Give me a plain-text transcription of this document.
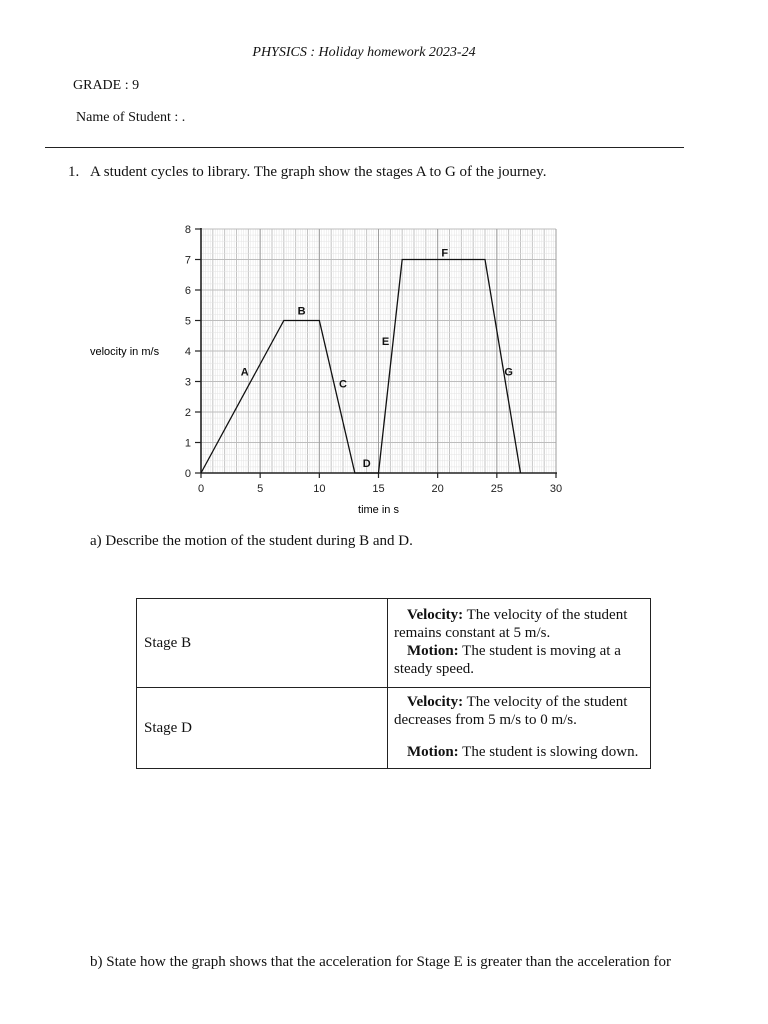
PHYSICS : Holiday homework 2023-24
GRADE : 9
Name of Student : .
1. A student cycles to library. The graph show the stages A to G of the journey.
0	5	10	15	20	25	30
0
1
2
3
4
5
6
7
8
A
B
C
D
E
F
G
time in s
velocity in m/s
a) Describe the motion of the student during B and D.
Stage B	Velocity: The velocity of the student remains constant at 5 m/s.
Motion: The student is moving at a steady speed.

Stage D	Velocity: The velocity of the student decreases from 5 m/s to 0 m/s.
Motion: The student is slowing down.
b) State how the graph shows that the acceleration for Stage E is greater than the acceleration for
